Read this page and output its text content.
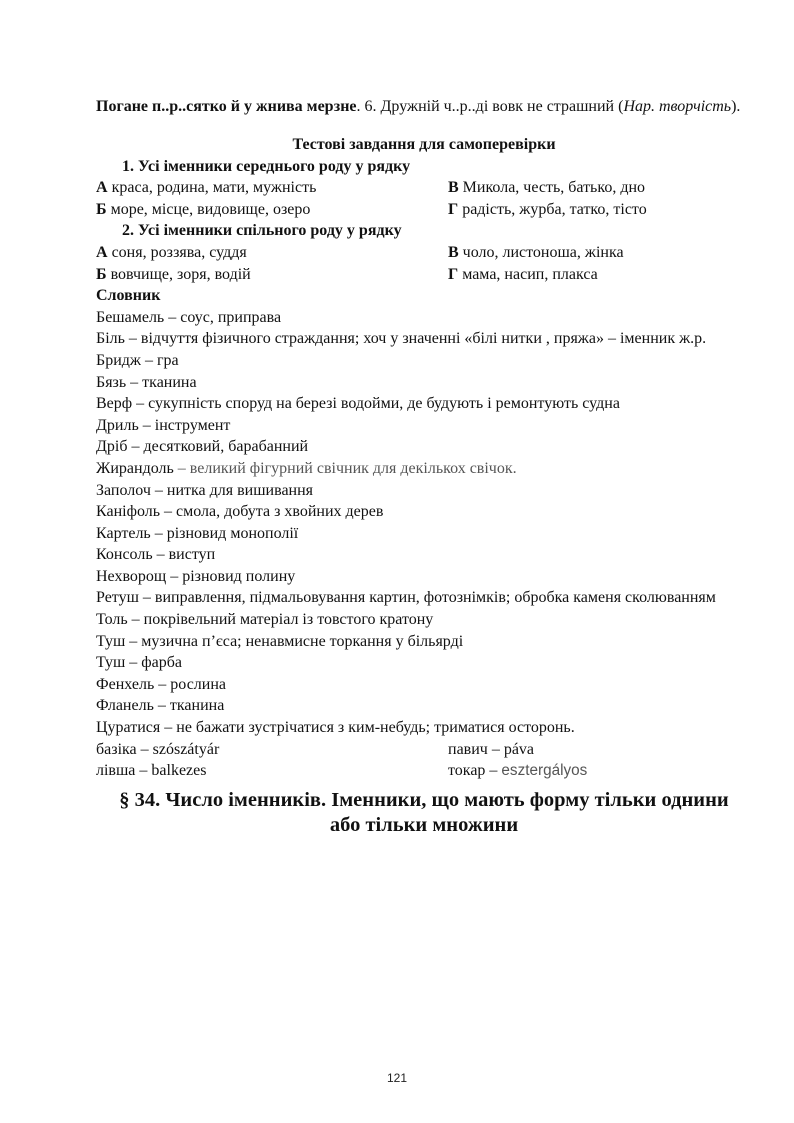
Погане п..р..сятко й у жнива мерзне. 6. Дружній ч..р..ді вовк не страшний (Нар. творчість).

Тестові завдання для самоперевірки
1. Усі іменники середнього роду у рядку
А краса, родина, мати, мужність	В Микола, честь, батько, дно
Б море, місце, видовище, озеро	Г радість, журба, татко, тісто
2. Усі іменники спільного роду у рядку
А соня, роззява, суддя	В чоло, листоноша, жінка
Б вовчище, зоря, водій	Г мама, насип, плакса
Словник
Бешамель – соус, приправа
Біль – відчуття фізичного страждання; хоч у значенні «білі нитки , пряжа» – іменник ж.р.
Бридж – гра
Бязь – тканина
Верф – сукупність споруд на березі водойми, де будують і ремонтують судна
Дриль – інструмент
Дріб – десятковий, барабанний
Жирандоль – великий фігурний свічник для декількох свічок.
Заполоч – нитка для вишивання
Каніфоль – смола, добута з хвойних дерев
Картель – різновид монополії
Консоль – виступ
Нехворощ – різновид полину
Ретуш – виправлення, підмальовування картин, фотознімків; обробка каменя сколюванням
Толь – покрівельний матеріал із товстого кратону
Туш – музична п’єса; ненавмисне торкання у більярді
Туш – фарба
Фенхель – рослина
Фланель – тканина
Цуратися – не бажати зустрічатися з ким-небудь; триматися осторонь.
базіка – szószátyár	павич – páva
лівша – balkezes	токар – esztergályos
§ 34. Число іменників. Іменники, що мають форму тільки однини
або тільки множини
121
